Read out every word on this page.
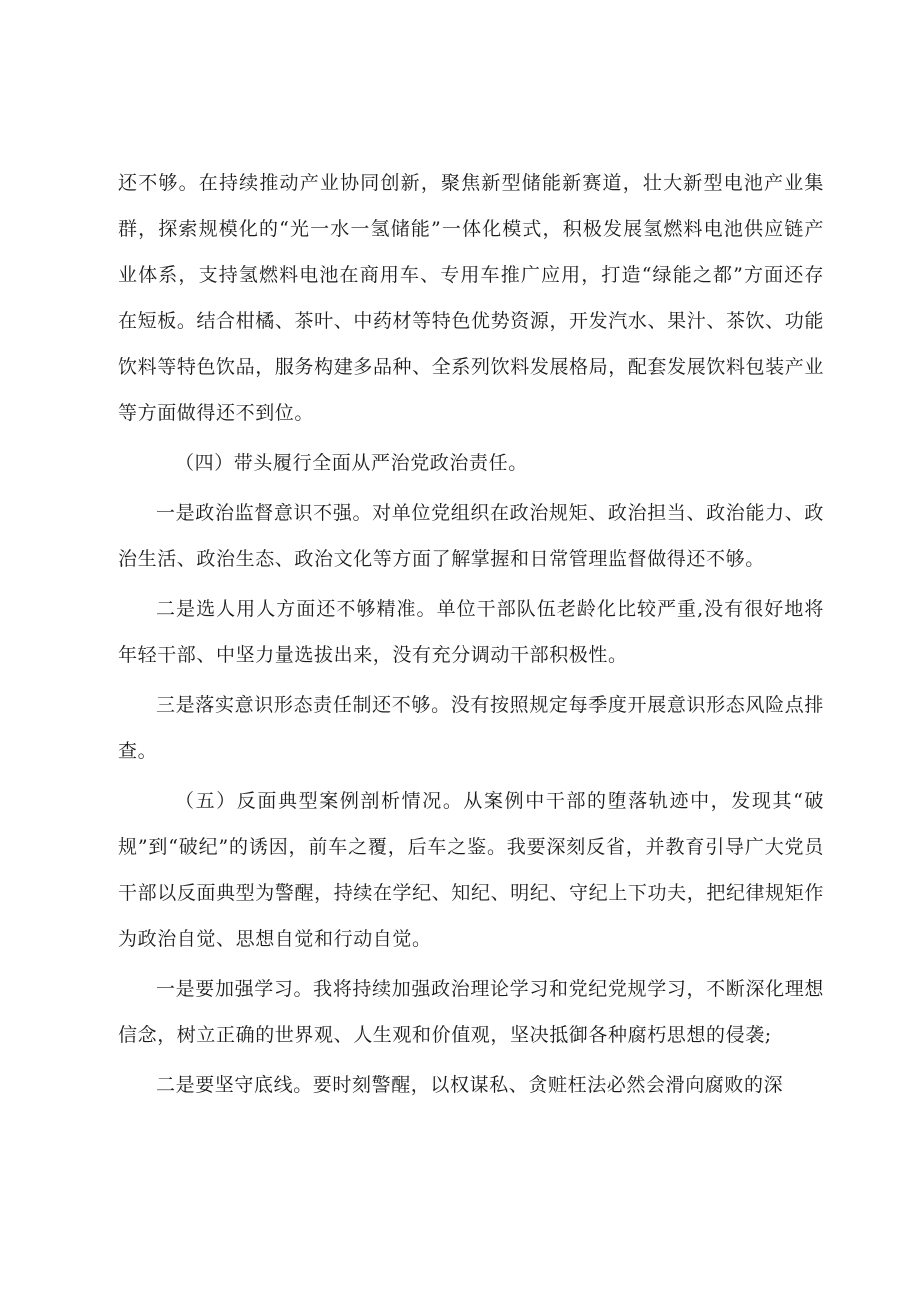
还不够。在持续推动产业协同创新，聚焦新型储能新赛道，壮大新型电池产业集群，探索规模化的“光一水一氢储能”一体化模式，积极发展氢燃料电池供应链产业体系，支持氢燃料电池在商用车、专用车推广应用，打造“绿能之都”方面还存在短板。结合柑橘、茶叶、中药材等特色优势资源，开发汽水、果汁、茶饮、功能饮料等特色饮品，服务构建多品种、全系列饮料发展格局，配套发展饮料包装产业等方面做得还不到位。

（四）带头履行全面从严治党政治责任。

一是政治监督意识不强。对单位党组织在政治规矩、政治担当、政治能力、政治生活、政治生态、政治文化等方面了解掌握和日常管理监督做得还不够。

二是选人用人方面还不够精准。单位干部队伍老龄化比较严重,没有很好地将年轻干部、中坚力量选拔出来，没有充分调动干部积极性。

三是落实意识形态责任制还不够。没有按照规定每季度开展意识形态风险点排查。

（五）反面典型案例剖析情况。从案例中干部的堕落轨迹中，发现其“破规”到“破纪”的诱因，前车之覆，后车之鉴。我要深刻反省，并教育引导广大党员干部以反面典型为警醒，持续在学纪、知纪、明纪、守纪上下功夫，把纪律规矩作为政治自觉、思想自觉和行动自觉。

一是要加强学习。我将持续加强政治理论学习和党纪党规学习，不断深化理想信念，树立正确的世界观、人生观和价值观，坚决抵御各种腐朽思想的侵袭;

二是要坚守底线。要时刻警醒，以权谋私、贪赃枉法必然会滑向腐败的深
